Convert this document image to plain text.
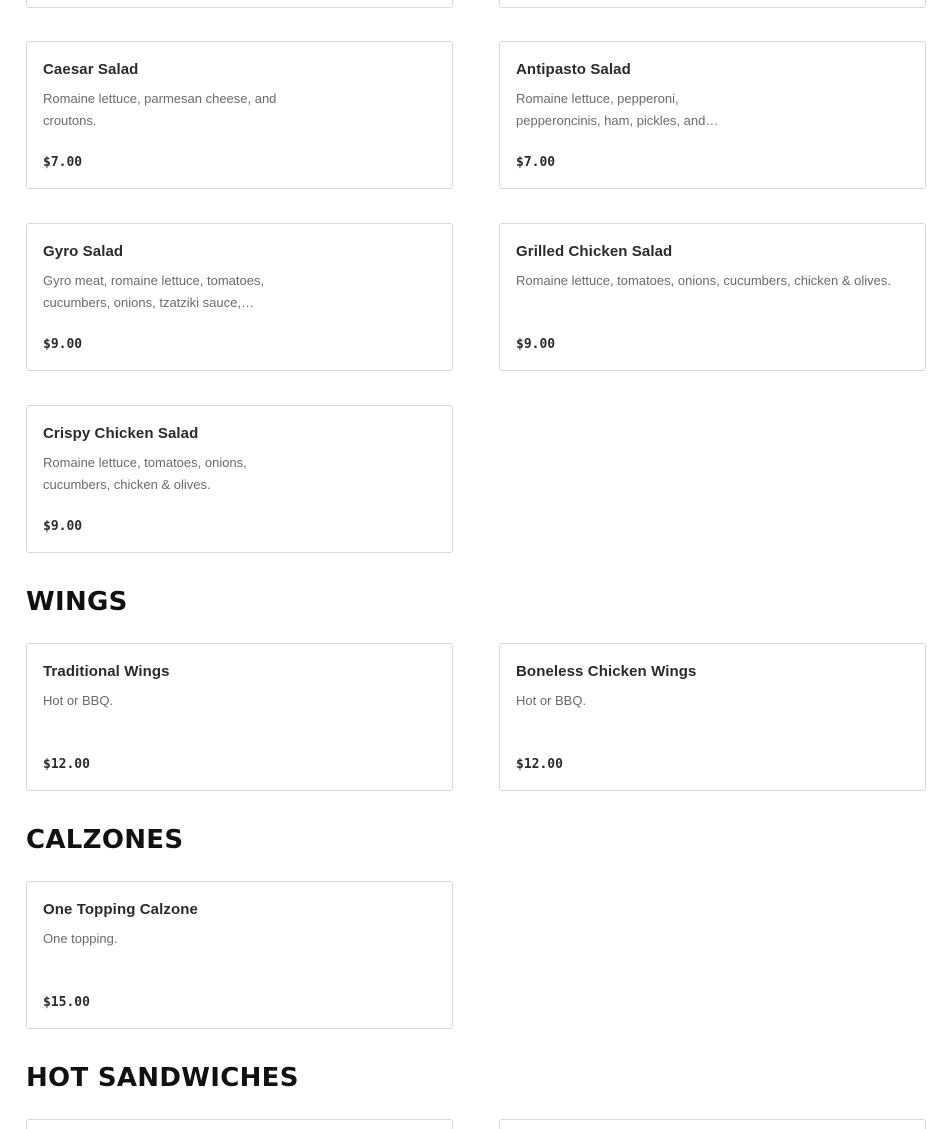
Caesar Salad
Romaine lettuce, parmesan cheese, and croutons.
$7.00
Antipasto Salad
Romaine lettuce, pepperoni, pepperoncinis, ham, pickles, and…
$7.00
Gyro Salad
Gyro meat, romaine lettuce, tomatoes, cucumbers, onions, tzatziki sauce,…
$9.00
Grilled Chicken Salad
Romaine lettuce, tomatoes, onions, cucumbers, chicken & olives.
$9.00
Crispy Chicken Salad
Romaine lettuce, tomatoes, onions, cucumbers, chicken & olives.
$9.00
WINGS
Traditional Wings
Hot or BBQ.
$12.00
Boneless Chicken Wings
Hot or BBQ.
$12.00
CALZONES
One Topping Calzone
One topping.
$15.00
HOT SANDWICHES
